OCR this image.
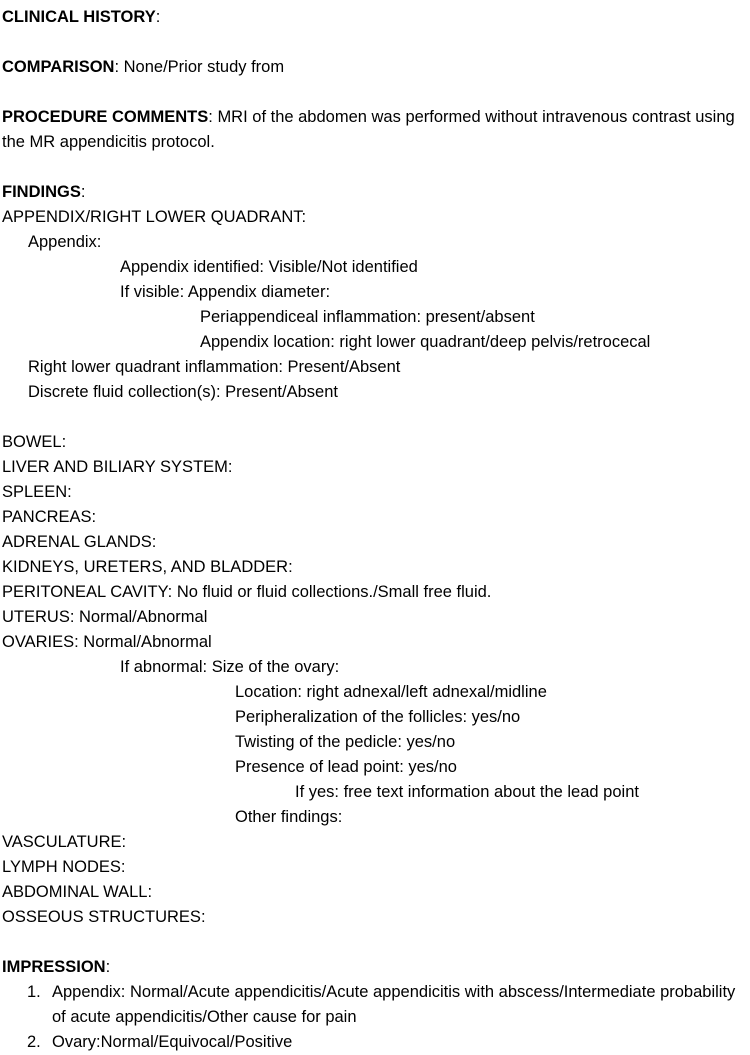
CLINICAL HISTORY:
COMPARISON: None/Prior study from
PROCEDURE COMMENTS: MRI of the abdomen was performed without intravenous contrast using the MR appendicitis protocol.
FINDINGS:
APPENDIX/RIGHT LOWER QUADRANT:
Appendix:
Appendix identified: Visible/Not identified
If visible: Appendix diameter:
Periappendiceal inflammation: present/absent
Appendix location: right lower quadrant/deep pelvis/retrocecal
Right lower quadrant inflammation: Present/Absent
Discrete fluid collection(s): Present/Absent
BOWEL:
LIVER AND BILIARY SYSTEM:
SPLEEN:
PANCREAS:
ADRENAL GLANDS:
KIDNEYS, URETERS, AND BLADDER:
PERITONEAL CAVITY: No fluid or fluid collections./Small free fluid.
UTERUS: Normal/Abnormal
OVARIES: Normal/Abnormal
If abnormal: Size of the ovary:
Location: right adnexal/left adnexal/midline
Peripheralization of the follicles: yes/no
Twisting of the pedicle: yes/no
Presence of lead point: yes/no
If yes: free text information about the lead point
Other findings:
VASCULATURE:
LYMPH NODES:
ABDOMINAL WALL:
OSSEOUS STRUCTURES:
IMPRESSION:
1. Appendix: Normal/Acute appendicitis/Acute appendicitis with abscess/Intermediate probability of acute appendicitis/Other cause for pain
2. Ovary:Normal/Equivocal/Positive
